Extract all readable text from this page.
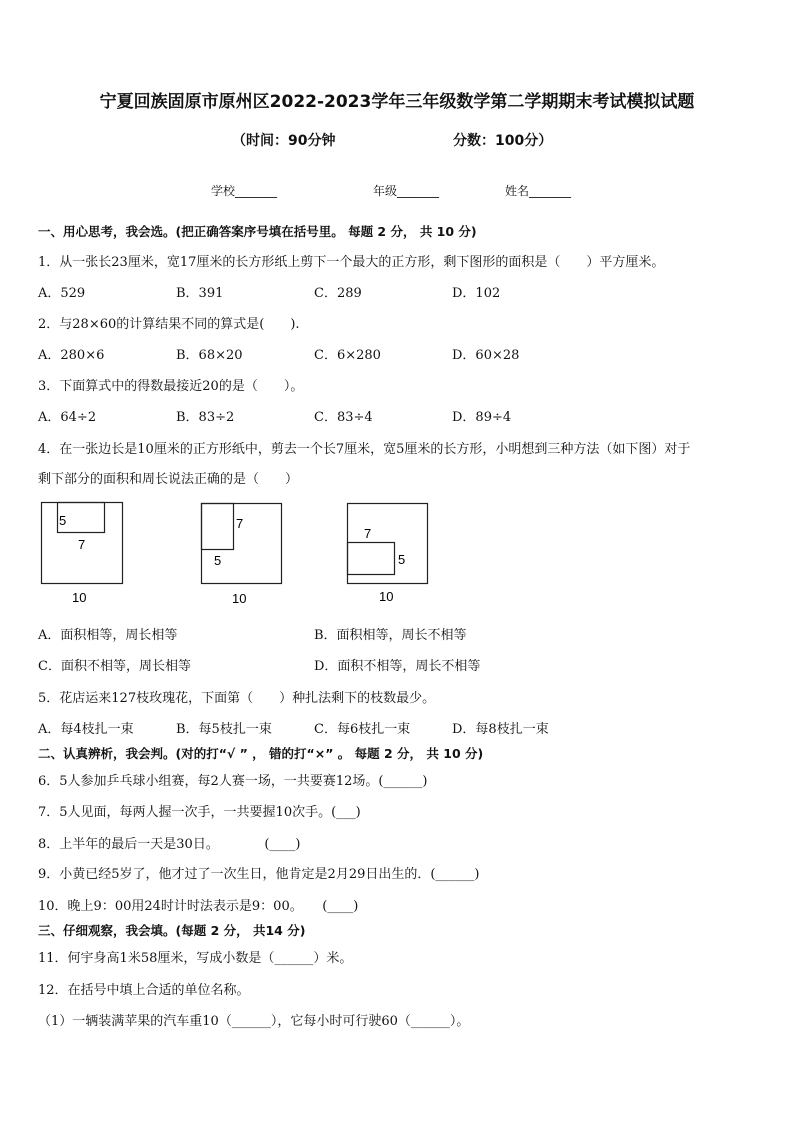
宁夏回族固原市原州区2022-2023学年三年级数学第二学期期末考试模拟试题
（时间：90分钟	分数：100分）
学校_______	年级_______	姓名_______
一、用心思考，我会选。(把正确答案序号填在括号里。 每题 2 分， 共 10 分)
1．从一张长23厘米，宽17厘米的长方形纸上剪下一个最大的正方形，剩下图形的面积是（　　）平方厘米。
A．529	B．391	C．289	D．102
2．与28×60的计算结果不同的算式是(　　).
A．280×6	B．68×20	C．6×280	D．60×28
3．下面算式中的得数最接近20的是（　　）。
A．64÷2	B．83÷2	C．83÷4	D．89÷4
4．在一张边长是10厘米的正方形纸中，剪去一个长7厘米，宽5厘米的长方形，小明想到三种方法（如下图）对于
剩下部分的面积和周长说法正确的是（　　）
5
7
10
7
5
10
7
5
10
A．面积相等，周长相等	B．面积相等，周长不相等
C．面积不相等，周长相等	D．面积不相等，周长不相等
5．花店运来127枝玫瑰花，下面第（　　）种扎法剩下的枝数最少。
A．每4枝扎一束	B．每5枝扎一束	C．每6枝扎一束	D．每8枝扎一束
二、认真辨析，我会判。(对的打“√ ” ， 错的打“×” 。 每题 2 分， 共 10 分)
6．5人参加乒乓球小组赛，每2人赛一场，一共要赛12场。(______)
7．5人见面，每两人握一次手，一共要握10次手。(___)
8．上半年的最后一天是30日。　　　　(____)
9．小黄已经5岁了，他才过了一次生日，他肯定是2月29日出生的．(______)
10．晚上9：00用24时计时法表示是9：00。　　(____)
三、仔细观察，我会填。(每题 2 分， 共14 分)
11．何宇身高1米58厘米，写成小数是（______）米。
12．在括号中填上合适的单位名称。
（1）一辆装满苹果的汽车重10（______），它每小时可行驶60（______）。
